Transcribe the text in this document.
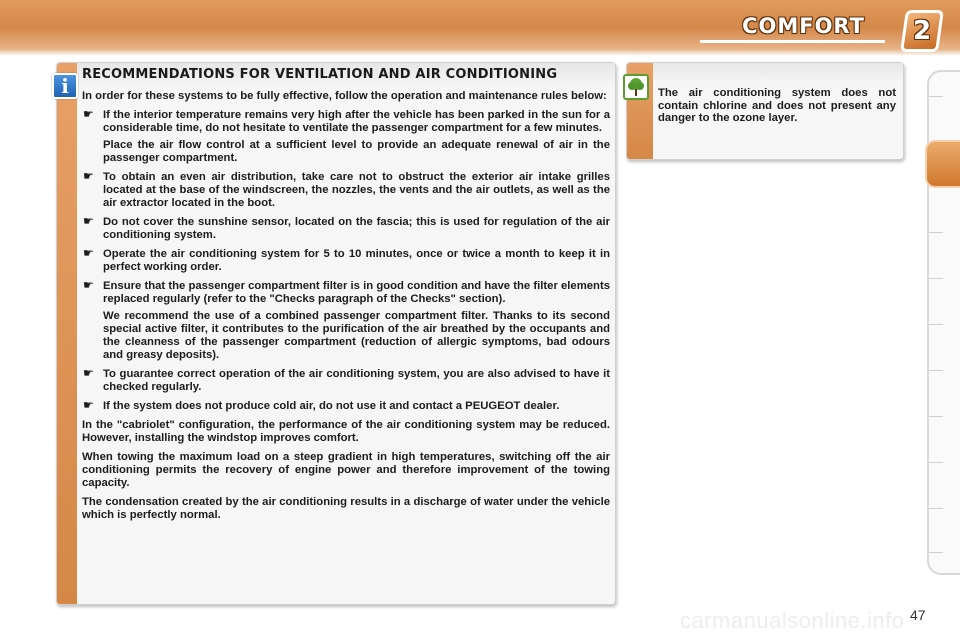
COMFORT 2
i	RECOMMENDATIONS FOR VENTILATION AND AIR CONDITIONING
In order for these systems to be fully effective, follow the operation and maintenance rules below:
☛ If the interior temperature remains very high after the vehicle has been parked in the sun for a considerable time, do not hesitate to ventilate the passenger compartment for a few minutes.
Place the air flow control at a sufficient level to provide an adequate renewal of air in the passenger compartment.
☛ To obtain an even air distribution, take care not to obstruct the exterior air intake grilles located at the base of the windscreen, the nozzles, the vents and the air outlets, as well as the air extractor located in the boot.
☛ Do not cover the sunshine sensor, located on the fascia; this is used for regulation of the air conditioning system.
☛ Operate the air conditioning system for 5 to 10 minutes, once or twice a month to keep it in perfect working order.
☛ Ensure that the passenger compartment filter is in good condition and have the filter elements replaced regularly (refer to the "Checks paragraph of the Checks" section).
We recommend the use of a combined passenger compartment filter. Thanks to its second special active filter, it contributes to the purification of the air breathed by the occupants and the cleanness of the passenger compartment (reduction of allergic symptoms, bad odours and greasy deposits).
☛ To guarantee correct operation of the air conditioning system, you are also advised to have it checked regularly.
☛ If the system does not produce cold air, do not use it and contact a PEUGEOT dealer.
In the "cabriolet" configuration, the performance of the air conditioning system may be reduced. However, installing the windstop improves comfort.
When towing the maximum load on a steep gradient in high temperatures, switching off the air conditioning permits the recovery of engine power and therefore improvement of the towing capacity.
The condensation created by the air conditioning results in a discharge of water under the vehicle which is perfectly normal.
The air conditioning system does not contain chlorine and does not present any danger to the ozone layer.
carmanualsonline.info 47
